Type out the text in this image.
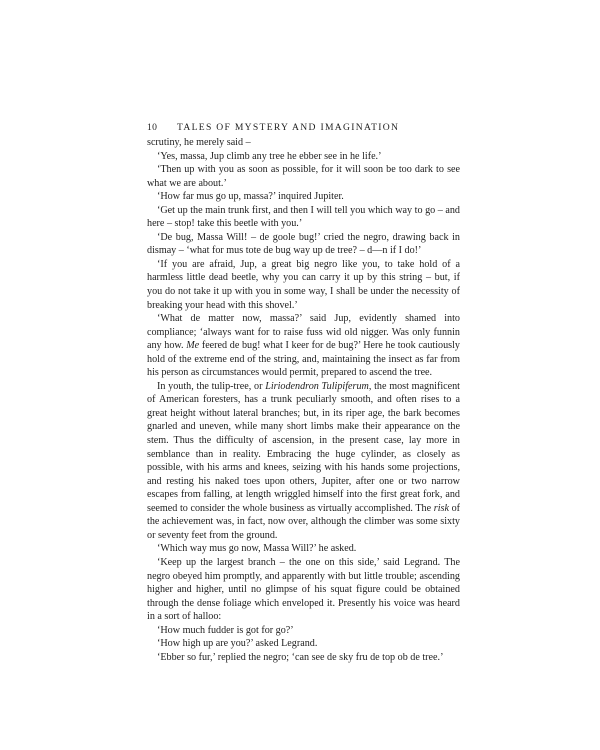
10 TALES OF MYSTERY AND IMAGINATION

scrutiny, he merely said –

‘Yes, massa, Jup climb any tree he ebber see in he life.’

‘Then up with you as soon as possible, for it will soon be too dark to see what we are about.’

‘How far mus go up, massa?’ inquired Jupiter.

‘Get up the main trunk first, and then I will tell you which way to go – and here – stop! take this beetle with you.’

‘De bug, Massa Will! – de goole bug!’ cried the negro, drawing back in dismay – ‘what for mus tote de bug way up de tree? – d—n if I do!’

‘If you are afraid, Jup, a great big negro like you, to take hold of a harmless little dead beetle, why you can carry it up by this string – but, if you do not take it up with you in some way, I shall be under the necessity of breaking your head with this shovel.’

‘What de matter now, massa?’ said Jup, evidently shamed into compliance; ‘always want for to raise fuss wid old nigger. Was only funnin any how. Me feered de bug! what I keer for de bug?’ Here he took cautiously hold of the extreme end of the string, and, maintaining the insect as far from his person as circumstances would permit, prepared to ascend the tree.

In youth, the tulip-tree, or Liriodendron Tulipiferum, the most magnificent of American foresters, has a trunk peculiarly smooth, and often rises to a great height without lateral branches; but, in its riper age, the bark becomes gnarled and uneven, while many short limbs make their appearance on the stem. Thus the difficulty of ascension, in the present case, lay more in semblance than in reality. Embracing the huge cylinder, as closely as possible, with his arms and knees, seizing with his hands some projections, and resting his naked toes upon others, Jupiter, after one or two narrow escapes from falling, at length wriggled himself into the first great fork, and seemed to consider the whole business as virtually accomplished. The risk of the achievement was, in fact, now over, although the climber was some sixty or seventy feet from the ground.

‘Which way mus go now, Massa Will?’ he asked.

‘Keep up the largest branch – the one on this side,’ said Legrand. The negro obeyed him promptly, and apparently with but little trouble; ascending higher and higher, until no glimpse of his squat figure could be obtained through the dense foliage which enveloped it. Presently his voice was heard in a sort of halloo:

‘How much fudder is got for go?’

‘How high up are you?’ asked Legrand.

‘Ebber so fur,’ replied the negro; ‘can see de sky fru de top ob de tree.’
